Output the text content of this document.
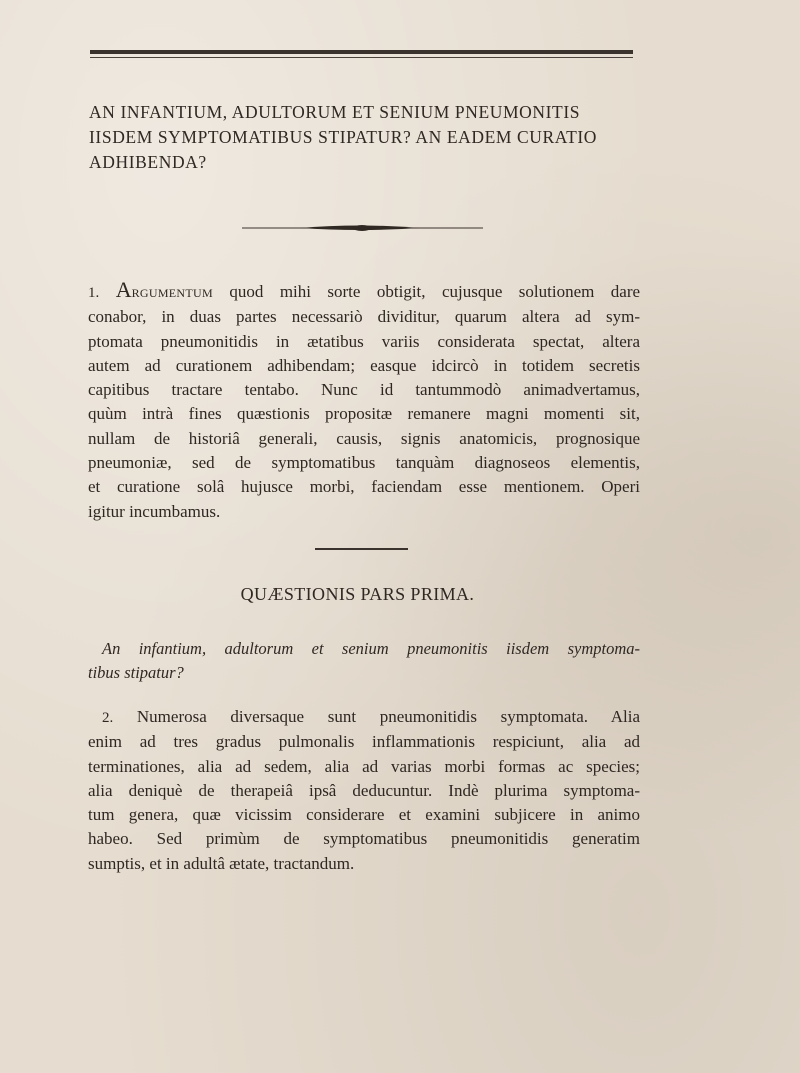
AN INFANTIUM, ADULTORUM ET SENIUM PNEUMONITIS
IISDEM SYMPTOMATIBUS STIPATUR? AN EADEM CURATIO
ADHIBENDA?
1. Argumentum quod mihi sorte obtigit, cujusque solutionem dare
conabor, in duas partes necessariò dividitur, quarum altera ad sym-
ptomata pneumonitidis in ætatibus variis considerata spectat, altera
autem ad curationem adhibendam; easque idcircò in totidem secretis
capitibus tractare tentabo. Nunc id tantummodò animadvertamus,
quùm intrà fines quæstionis propositæ remanere magni momenti sit,
nullam de historiâ generali, causis, signis anatomicis, prognosique
pneumoniæ, sed de symptomatibus tanquàm diagnoseos elementis,
et curatione solâ hujusce morbi, faciendam esse mentionem. Operi
igitur incumbamus.
QUÆSTIONIS PARS PRIMA.
An infantium, adultorum et senium pneumonitis iisdem symptoma-
tibus stipatur?
2. Numerosa diversaque sunt pneumonitidis symptomata. Alia
enim ad tres gradus pulmonalis inflammationis respiciunt, alia ad
terminationes, alia ad sedem, alia ad varias morbi formas ac species;
alia deniquè de therapeiâ ipsâ deducuntur. Indè plurima symptoma-
tum genera, quæ vicissim considerare et examini subjicere in animo
habeo. Sed primùm de symptomatibus pneumonitidis generatim
sumptis, et in adultâ ætate, tractandum.
